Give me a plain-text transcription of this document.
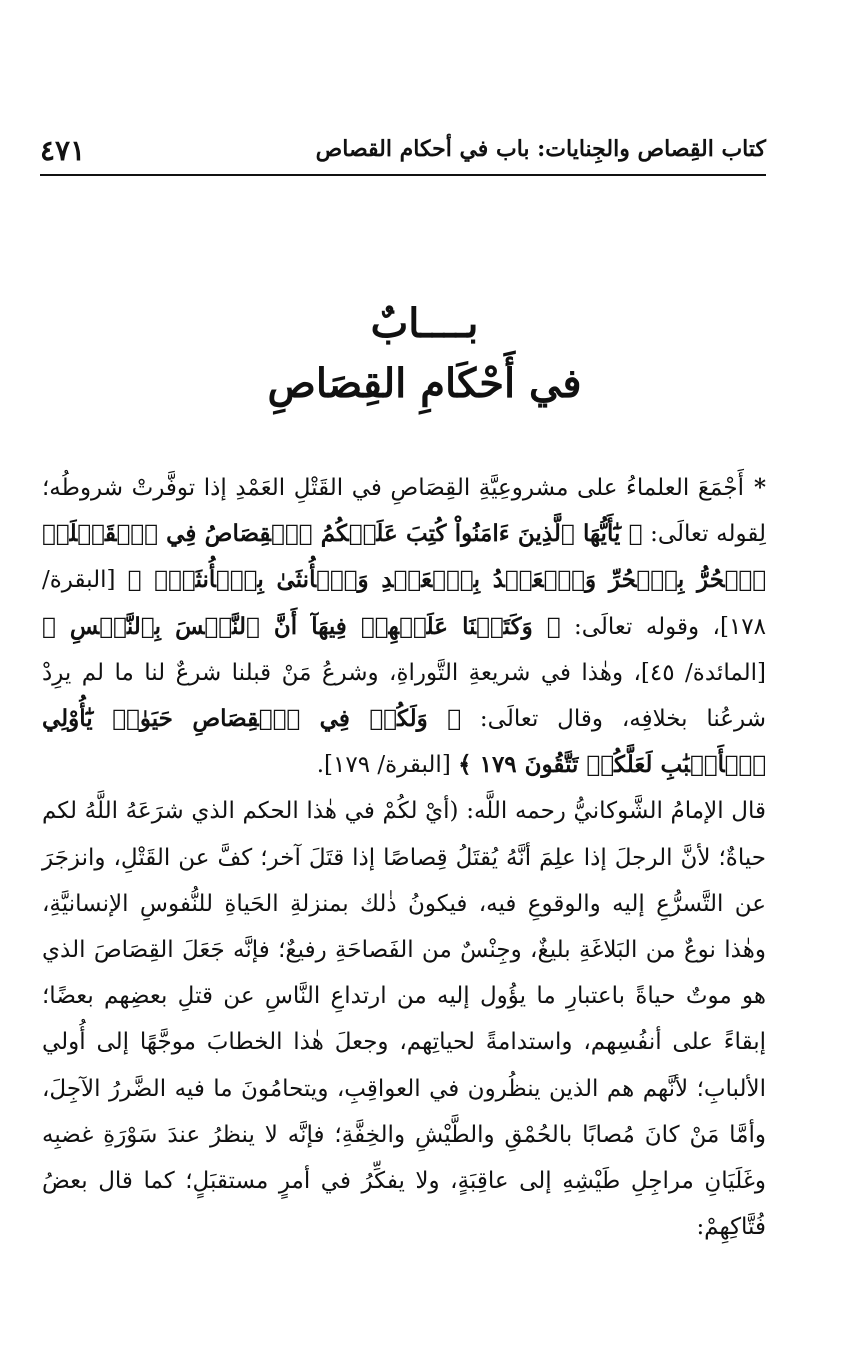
كتاب القِصاص والجِنايات: باب في أحكام القصاص
٤٧١
بــــابٌ
في أَحْكَامِ القِصَاصِ

*أَجْمَعَ العلماءُ على مشروعِيَّةِ القِصَاصِ في القَتْلِ العَمْدِ إذا توفَّرتْ شروطُه؛ لِقوله تعالَى: ﴿ يَٰٓأَيُّهَا ٱلَّذِينَ ءَامَنُواْ كُتِبَ عَلَيۡكُمُ ٱلۡقِصَاصُ فِي ٱلۡقَتۡلَىۖ ٱلۡحُرُّ بِٱلۡحُرِّ وَٱلۡعَبۡدُ بِٱلۡعَبۡدِ وَٱلۡأُنثَىٰ بِٱلۡأُنثَىٰۚ ﴾ [البقرة/ ١٧٨]، وقوله تعالَى: ﴿ وَكَتَبۡنَا عَلَيۡهِمۡ فِيهَآ أَنَّ ٱلنَّفۡسَ بِٱلنَّفۡسِ ﴾ [المائدة/ ٤٥]، وهٰذا في شريعةِ التَّوراةِ، وشرعُ مَنْ قبلنا شرعٌ لنا ما لم يرِدْ شرعُنا بخلافِه، وقال تعالَى: ﴿ وَلَكُمۡ فِي ٱلۡقِصَاصِ حَيَوٰةٞ يَٰٓأُوْلِي ٱلۡأَلۡبَٰبِ لَعَلَّكُمۡ تَتَّقُونَ ١٧٩ ﴾ [البقرة/ ١٧٩].

قال الإمامُ الشَّوكانيُّ رحمه اللَّه: (أيْ لكُمْ في هٰذا الحكم الذي شرَعَهُ اللَّهُ لكم حياةٌ؛ لأنَّ الرجلَ إذا علِمَ أنَّهُ يُقتَلُ قِصاصًا إذا قتَلَ آخر؛ كفَّ عن القَتْلِ، وانزجَرَ عن التَّسرُّعِ إليه والوقوعِ فيه، فيكونُ ذٰلك بمنزلةِ الحَياةِ للنُّفوسِ الإنسانيَّةِ، وهٰذا نوعٌ من البَلاغَةِ بليغٌ، وجِنْسٌ من الفَصاحَةِ رفيعٌ؛ فإنَّه جَعَلَ القِصَاصَ الذي هو موتٌ حياةً باعتبارِ ما يؤُول إليه من ارتداعِ النَّاسِ عن قتلِ بعضِهم بعضًا؛ إبقاءً على أنفُسِهم، واستدامةً لحياتِهم، وجعلَ هٰذا الخطابَ موجَّهًا إلى أُولي الألبابِ؛ لأنَّهم هم الذين ينظُرون في العواقِبِ، ويتحامُونَ ما فيه الضَّررُ الآجِلَ، وأمَّا مَنْ كانَ مُصابًا بالحُمْقِ والطَّيْشِ والخِفَّةِ؛ فإنَّه لا ينظرُ عندَ سَوْرَةِ غضبِه وغَلَيَانِ مراجِلِ طَيْشِهِ إلى عاقِبَةٍ، ولا يفكِّرُ في أمرٍ مستقبَلٍ؛ كما قال بعضُ فُتَّاكِهِمْ:
